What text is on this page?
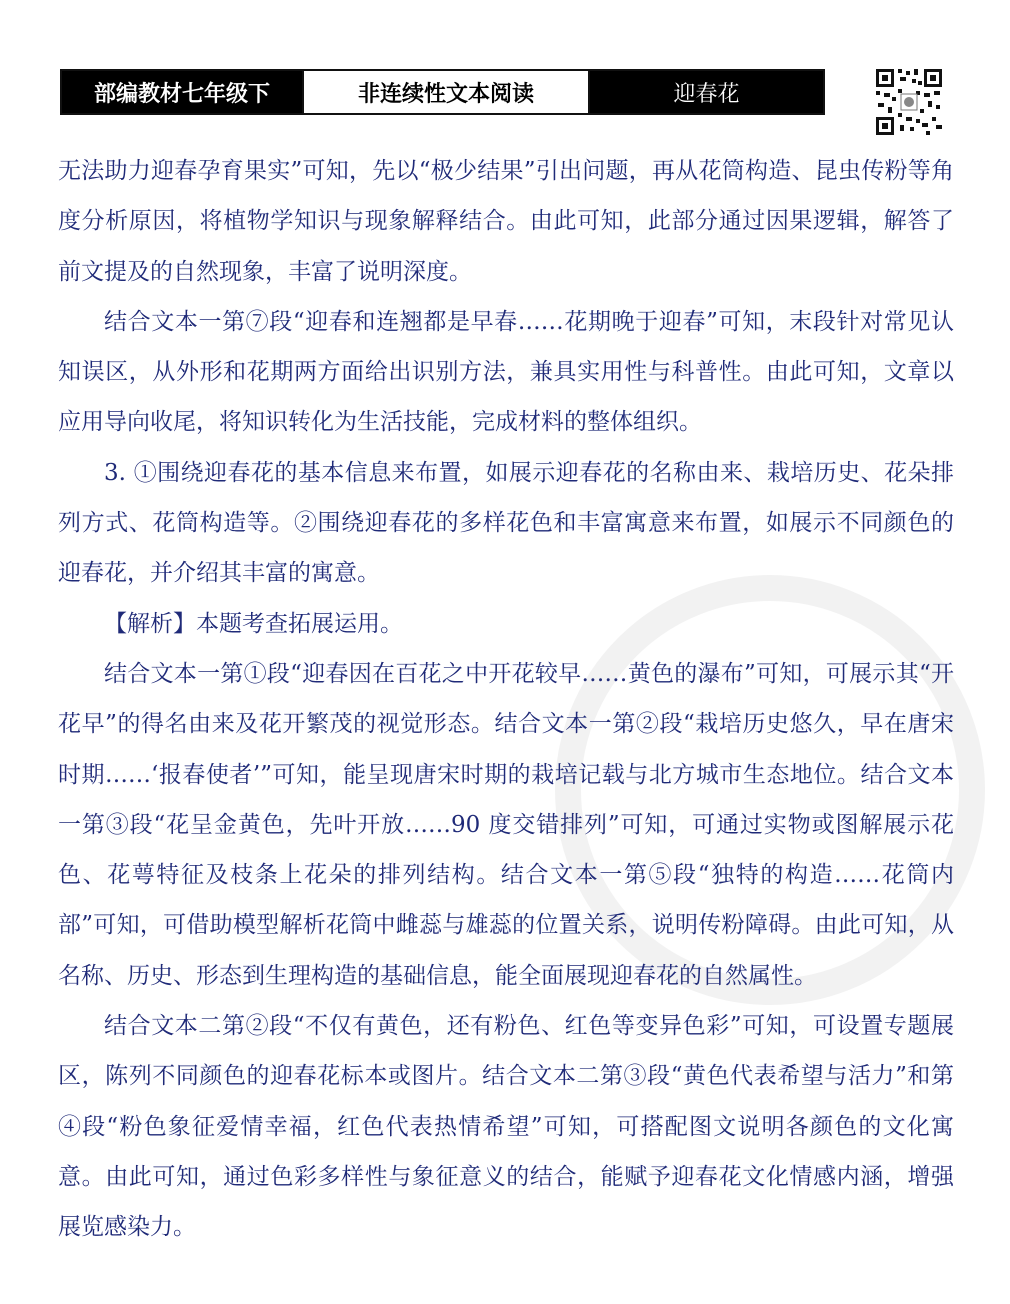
部编教材七年级下	非连续性文本阅读	迎春花

无法助力迎春孕育果实”可知，先以“极少结果”引出问题，再从花筒构造、昆虫传粉等角度分析原因，将植物学知识与现象解释结合。由此可知，此部分通过因果逻辑，解答了前文提及的自然现象，丰富了说明深度。

结合文本一第⑦段“迎春和连翘都是早春……花期晚于迎春”可知，末段针对常见认知误区，从外形和花期两方面给出识别方法，兼具实用性与科普性。由此可知，文章以应用导向收尾，将知识转化为生活技能，完成材料的整体组织。

3. ①围绕迎春花的基本信息来布置，如展示迎春花的名称由来、栽培历史、花朵排列方式、花筒构造等。②围绕迎春花的多样花色和丰富寓意来布置，如展示不同颜色的迎春花，并介绍其丰富的寓意。

【解析】本题考查拓展运用。

结合文本一第①段“迎春因在百花之中开花较早……黄色的瀑布”可知，可展示其“开花早”的得名由来及花开繁茂的视觉形态。结合文本一第②段“栽培历史悠久，早在唐宋时期……‘报春使者’”可知，能呈现唐宋时期的栽培记载与北方城市生态地位。结合文本一第③段“花呈金黄色，先叶开放……90 度交错排列”可知，可通过实物或图解展示花色、花萼特征及枝条上花朵的排列结构。结合文本一第⑤段“独特的构造……花筒内部”可知，可借助模型解析花筒中雌蕊与雄蕊的位置关系，说明传粉障碍。由此可知，从名称、历史、形态到生理构造的基础信息，能全面展现迎春花的自然属性。

结合文本二第②段“不仅有黄色，还有粉色、红色等变异色彩”可知，可设置专题展区，陈列不同颜色的迎春花标本或图片。结合文本二第③段“黄色代表希望与活力”和第④段“粉色象征爱情幸福，红色代表热情希望”可知，可搭配图文说明各颜色的文化寓意。由此可知，通过色彩多样性与象征意义的结合，能赋予迎春花文化情感内涵，增强展览感染力。
